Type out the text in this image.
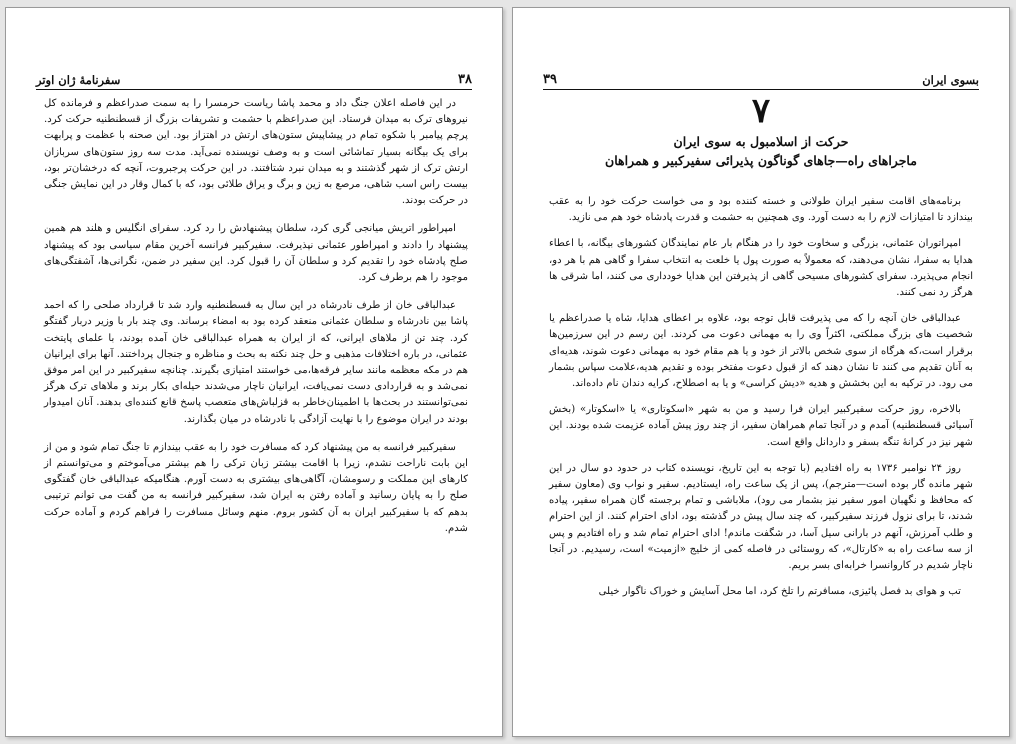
۳۸
سفرنامهٔ ژان اوتر

در این فاصله اعلان جنگ داد و محمد پاشا ریاست حرمسرا را به سمت صدراعظم و فرمانده کل نیروهای ترک به میدان فرستاد. این صدراعظم با حشمت و تشریفات بزرگ از قسطنطنیه حرکت کرد. پرچم پیامبر با شکوه تمام در پیشاپیش ستون‌های ارتش در اهتزاز بود. این صحنه با عظمت و پرابهت برای یک بیگانه بسیار تماشائی است و به وصف نویسنده نمی‌آید. مدت سه روز ستون‌های سربازان ارتش ترک از شهر گذشتند و به میدان نبرد شتافتند. در این حرکت پرجبروت، آنچه که درخشان‌تر بود، بیست راس اسب شاهی، مرصع به زین و برگ و یراق طلائی بود، که با کمال وقار در این نمایش جنگی در حرکت بودند.

امپراطور اتریش میانجی گری کرد، سلطان پیشنهادش را رد کرد. سفرای انگلیس و هلند هم همین پیشنهاد را دادند و امپراطور عثمانی نپذیرفت. سفیرکبیر فرانسه آخرین مقام سیاسی بود که پیشنهاد صلح پادشاه خود را تقدیم کرد و سلطان آن را قبول کرد. این سفیر در ضمن، نگرانی‌ها، آشفتگی‌های موجود را هم برطرف کرد.

عبدالباقی خان از طرف نادرشاه در این سال به قسطنطنیه وارد شد تا قرارداد صلحی را که احمد پاشا بین نادرشاه و سلطان عثمانی منعقد کرده بود به امضاء برساند. وی چند بار با وزیر دربار گفتگو کرد. چند تن از ملاهای ایرانی، که از ایران به همراه عبدالباقی خان آمده بودند، با علمای پایتخت عثمانی، در باره اختلافات مذهبی و حل چند نکته به بحث و مناظره و جنجال پرداختند. آنها برای ایرانیان هم در مکه معظمه مانند سایر فرقه‌ها،می خواستند امتیازی بگیرند. چنانچه سفیرکبیر در این امر موفق نمی‌شد و به قراردادی دست نمی‌یافت، ایرانیان ناچار می‌شدند حیله‌ای بکار برند و ملاهای ترک هرگز نمی‌توانستند در بحث‌ها با اطمینان‌خاطر به قزلباش‌های متعصب پاسخ قانع کننده‌ای بدهند. آنان امیدوار بودند در ایران موضوع را با نهایت آزادگی با نادرشاه در میان بگذارند.

سفیرکبیر فرانسه به من پیشنهاد کرد که مسافرت خود را به عقب بیندازم تا جنگ تمام شود و من از این بابت ناراحت نشدم، زیرا با اقامت بیشتر زبان ترکی را هم بیشتر می‌آموختم و می‌توانستم از کارهای این مملکت و رسومشان، آگاهی‌های بیشتری به دست آورم. هنگامیکه عبدالباقی خان گفتگوی صلح را به پایان رسانید و آماده رفتن به ایران شد، سفیرکبیر فرانسه به من گفت می توانم ترتیبی بدهم که با سفیرکبیر ایران به آن کشور بروم. منهم وسائل مسافرت را فراهم کردم و آماده حرکت شدم.

بسوی ایران
۳۹
۷
حرکت از اسلامبول به سوی ایران
ماجراهای راه—جاهای گوناگون پذیرائی سفیرکبیر و همراهان

برنامه‌های اقامت سفیر ایران طولانی و خسته کننده بود و می خواست حرکت خود را به عقب بیندازد تا امتیازات لازم را به دست آورد. وی همچنین به حشمت و قدرت پادشاه خود هم می نازید.

امپراتوران عثمانی، بزرگی و سخاوت خود را در هنگام بار عام نمایندگان کشورهای بیگانه، با اعطاء هدایا به سفرا، نشان می‌دهند، که معمولاً به صورت پول یا خلعت به انتخاب سفرا و گاهی هم با هر دو، انجام می‌پذیرد. سفرای کشورهای مسیحی گاهی از پذیرفتن این هدایا خودداری می کنند، اما شرقی ها هرگز رد نمی کنند.

عبدالباقی خان آنچه را که می پذیرفت قابل توجه بود، علاوه بر اعطای هدایا، شاه یا صدراعظم یا شخصیت های بزرگ مملکتی، اکثراً وی را به مهمانی دعوت می کردند. این رسم در این سرزمین‌ها برقرار است،که هرگاه از سوی شخص بالاتر از خود و یا هم مقام خود به مهمانی دعوت شوند، هدیه‌ای به آنان تقدیم می کنند تا نشان دهند که از قبول دعوت مفتخر بوده و تقدیم هدیه،علامت سپاس بشمار می رود. در ترکیه به این بخشش و هدیه «دیش کراسی» و یا به اصطلاح، کرایه دندان نام داده‌اند.

بالاخره، روز حرکت سفیرکبیر ایران فرا رسید و من به شهر «اسکوتاری» یا «اسکوتار» (بخش آسیائی قسطنطنیه) آمدم و در آنجا تمام همراهان سفیر، از چند روز پیش آماده عزیمت شده بودند. این شهر نیز در کرانهٔ تنگه بسفر و داردانل واقع است.

روز ۲۴ نوامبر ۱۷۳۶ به راه افتادیم (با توجه به این تاریخ، نویسنده کتاب در حدود دو سال در این شهر مانده گار بوده است—مترجم)، پس از یک ساعت راه، ایستادیم. سفیر و نواب وی (معاون سفیر که محافظ و نگهبان امور سفیر نیز بشمار می رود)، ملاباشی و تمام برجسته گان همراه سفیر، پیاده شدند، تا برای نزول فرزند سفیرکبیر، که چند سال پیش در گذشته بود، ادای احترام کنند. از این احترام و طلب آمرزش، آنهم در بارانی سیل آسا، در شگفت ماندم! ادای احترام تمام شد و راه افتادیم و پس از سه ساعت راه به «کارتال»، که روستائی در فاصله کمی از خلیج «ازمیت» است، رسیدیم. در آنجا ناچار شدیم در کاروانسرا خرابه‌ای بسر بریم.

تب و هوای بد فصل پائیزی، مسافرتم را تلخ کرد، اما محل آسایش و خوراک ناگوار خیلی
